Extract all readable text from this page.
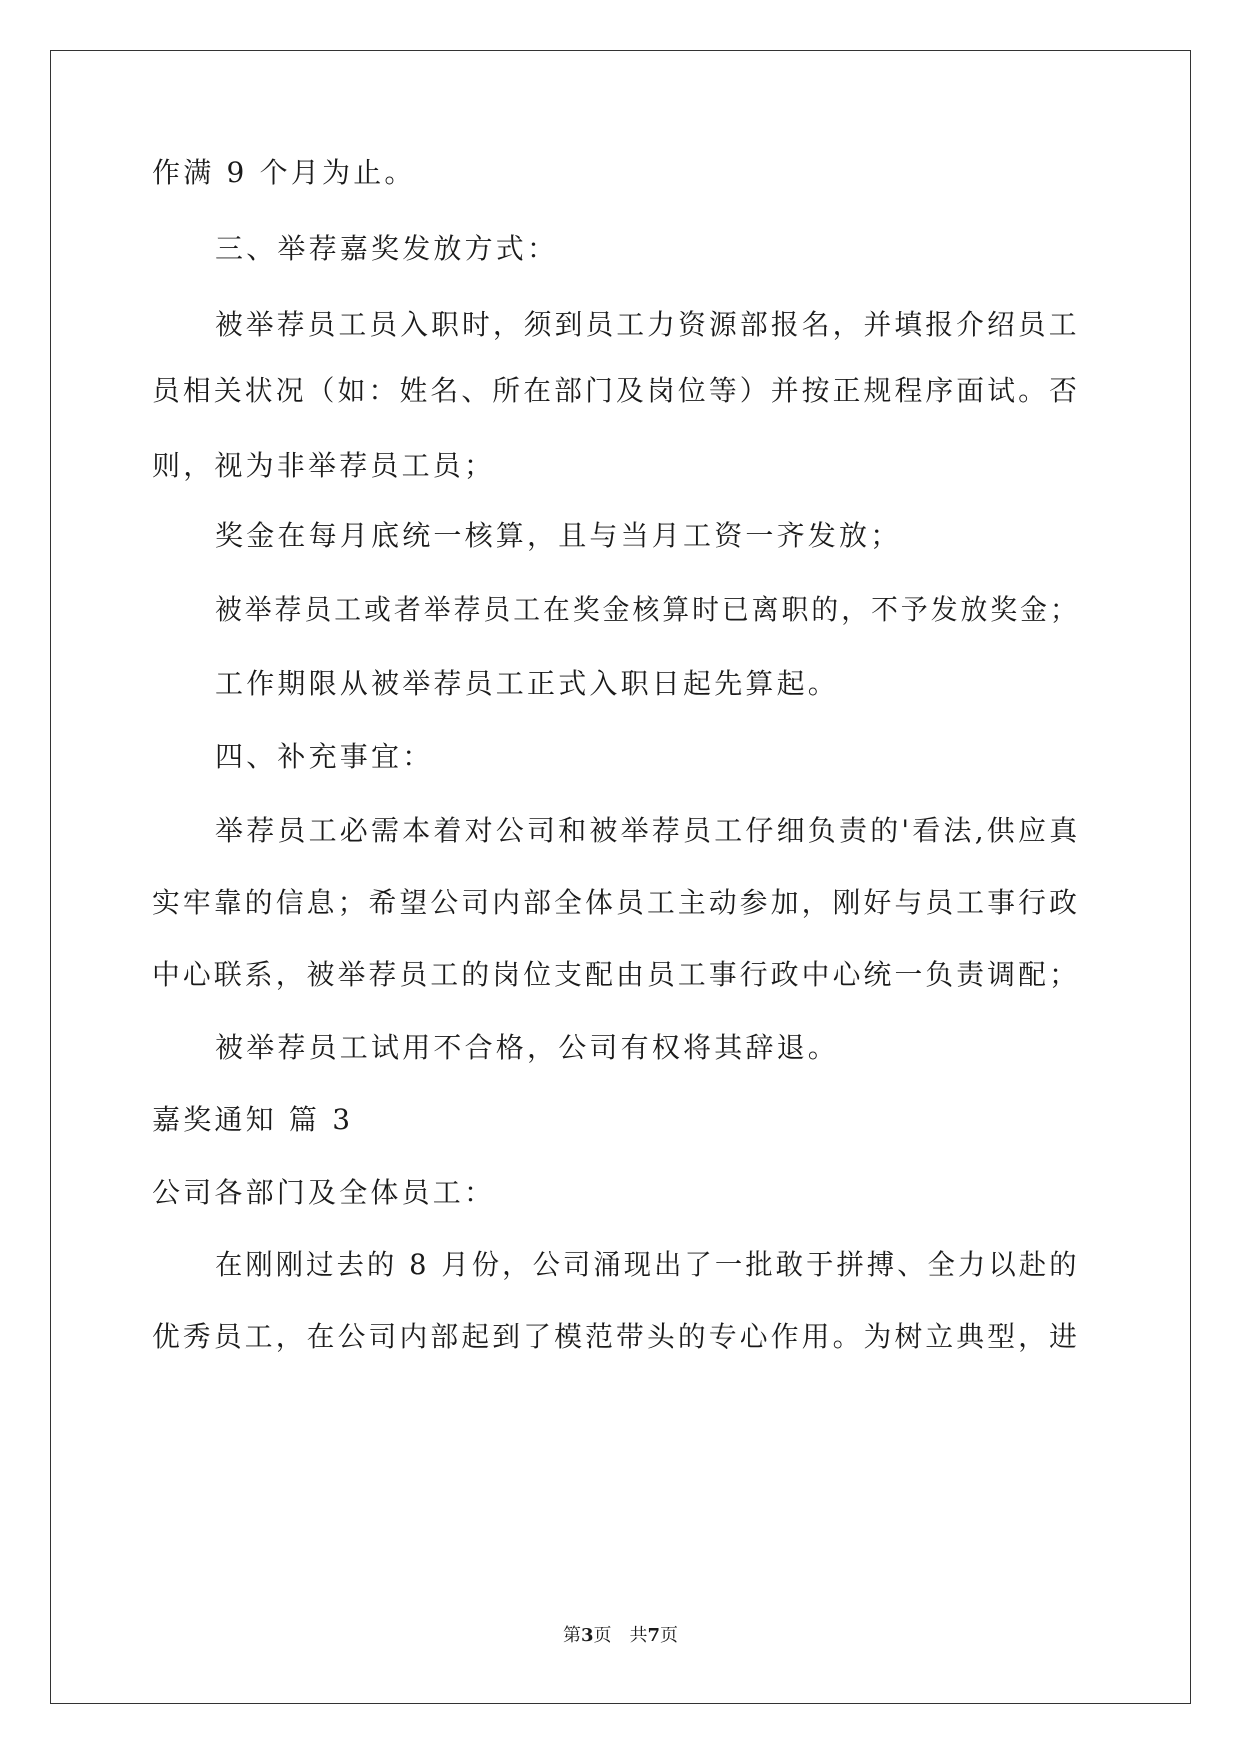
作满 9 个月为止。
三、举荐嘉奖发放方式：
被举荐员工员入职时，须到员工力资源部报名，并填报介绍员工
员相关状况（如：姓名、所在部门及岗位等）并按正规程序面试。否
则，视为非举荐员工员；
奖金在每月底统一核算，且与当月工资一齐发放；
被举荐员工或者举荐员工在奖金核算时已离职的，不予发放奖金；
工作期限从被举荐员工正式入职日起先算起。
四、补充事宜：
举荐员工必需本着对公司和被举荐员工仔细负责的'看法,供应真
实牢靠的信息；希望公司内部全体员工主动参加，刚好与员工事行政
中心联系，被举荐员工的岗位支配由员工事行政中心统一负责调配；
被举荐员工试用不合格，公司有权将其辞退。
嘉奖通知 篇 3
公司各部门及全体员工：
在刚刚过去的 8 月份，公司涌现出了一批敢于拼搏、全力以赴的
优秀员工，在公司内部起到了模范带头的专心作用。为树立典型，进
第3页　共7页
